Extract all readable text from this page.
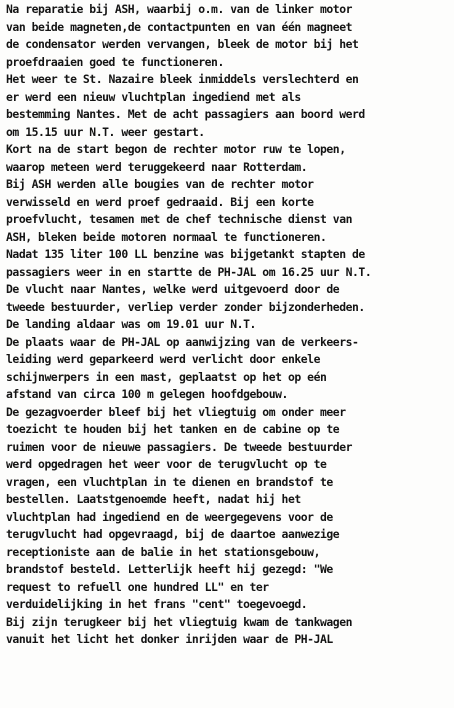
Na reparatie bij ASH, waarbij o.m. van de linker motor
van beide magneten,de contactpunten en van één magneet
de condensator werden vervangen, bleek de motor bij het
proefdraaien goed te functioneren.
Het weer te St. Nazaire bleek inmiddels verslechterd en
er werd een nieuw vluchtplan ingediend met als
bestemming Nantes. Met de acht passagiers aan boord werd
om 15.15 uur N.T. weer gestart.
Kort na de start begon de rechter motor ruw te lopen,
waarop meteen werd teruggekeerd naar Rotterdam.
Bij ASH werden alle bougies van de rechter motor
verwisseld en werd proef gedraaid. Bij een korte
proefvlucht, tesamen met de chef technische dienst van
ASH, bleken beide motoren normaal te functioneren.
Nadat 135 liter 100 LL benzine was bijgetankt stapten de
passagiers weer in en startte de PH-JAL om 16.25 uur N.T.
De vlucht naar Nantes, welke werd uitgevoerd door de
tweede bestuurder, verliep verder zonder bijzonderheden.
De landing aldaar was om 19.01 uur N.T.
De plaats waar de PH-JAL op aanwijzing van de verkeers-
leiding werd geparkeerd werd verlicht door enkele
schijnwerpers in een mast, geplaatst op het op eén
afstand van circa 100 m gelegen hoofdgebouw.
De gezagvoerder bleef bij het vliegtuig om onder meer
toezicht te houden bij het tanken en de cabine op te
ruimen voor de nieuwe passagiers. De tweede bestuurder
werd opgedragen het weer voor de terugvlucht op te
vragen, een vluchtplan in te dienen en brandstof te
bestellen. Laatstgenoemde heeft, nadat hij het
vluchtplan had ingediend en de weergegevens voor de
terugvlucht had opgevraagd, bij de daartoe aanwezige
receptioniste aan de balie in het stationsgebouw,
brandstof besteld. Letterlijk heeft hij gezegd: "We
request to refuell one hundred LL" en ter
verduidelijking in het frans "cent" toegevoegd.
Bij zijn terugkeer bij het vliegtuig kwam de tankwagen
vanuit het licht het donker inrijden waar de PH-JAL
